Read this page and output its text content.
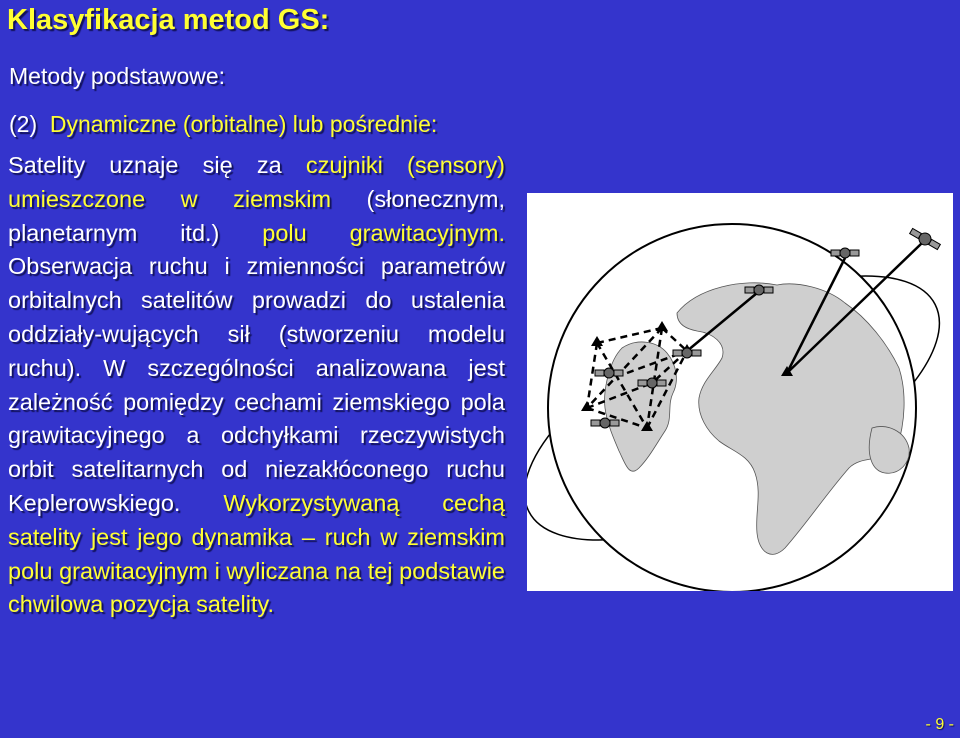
Klasyfikacja metod GS:
Metody podstawowe:
(2) Dynamiczne (orbitalne) lub pośrednie:
Satelity uznaje się za czujniki (sensory) umieszczone w ziemskim (słonecznym, planetarnym itd.) polu grawitacyjnym. Obserwacja ruchu i zmienności parametrów orbitalnych satelitów prowadzi do ustalenia oddziały-wujących sił (stworzeniu modelu ruchu). W szczególności analizowana jest zależność pomiędzy cechami ziemskiego pola grawitacyjnego a odchyłkami rzeczywistych orbit satelitarnych od niezakłóconego ruchu Keplerowskiego. Wykorzystywaną cechą satelity jest jego dynamika – ruch w ziemskim polu grawitacyjnym i wyliczana na tej podstawie chwilowa pozycja satelity.
- 9 -
